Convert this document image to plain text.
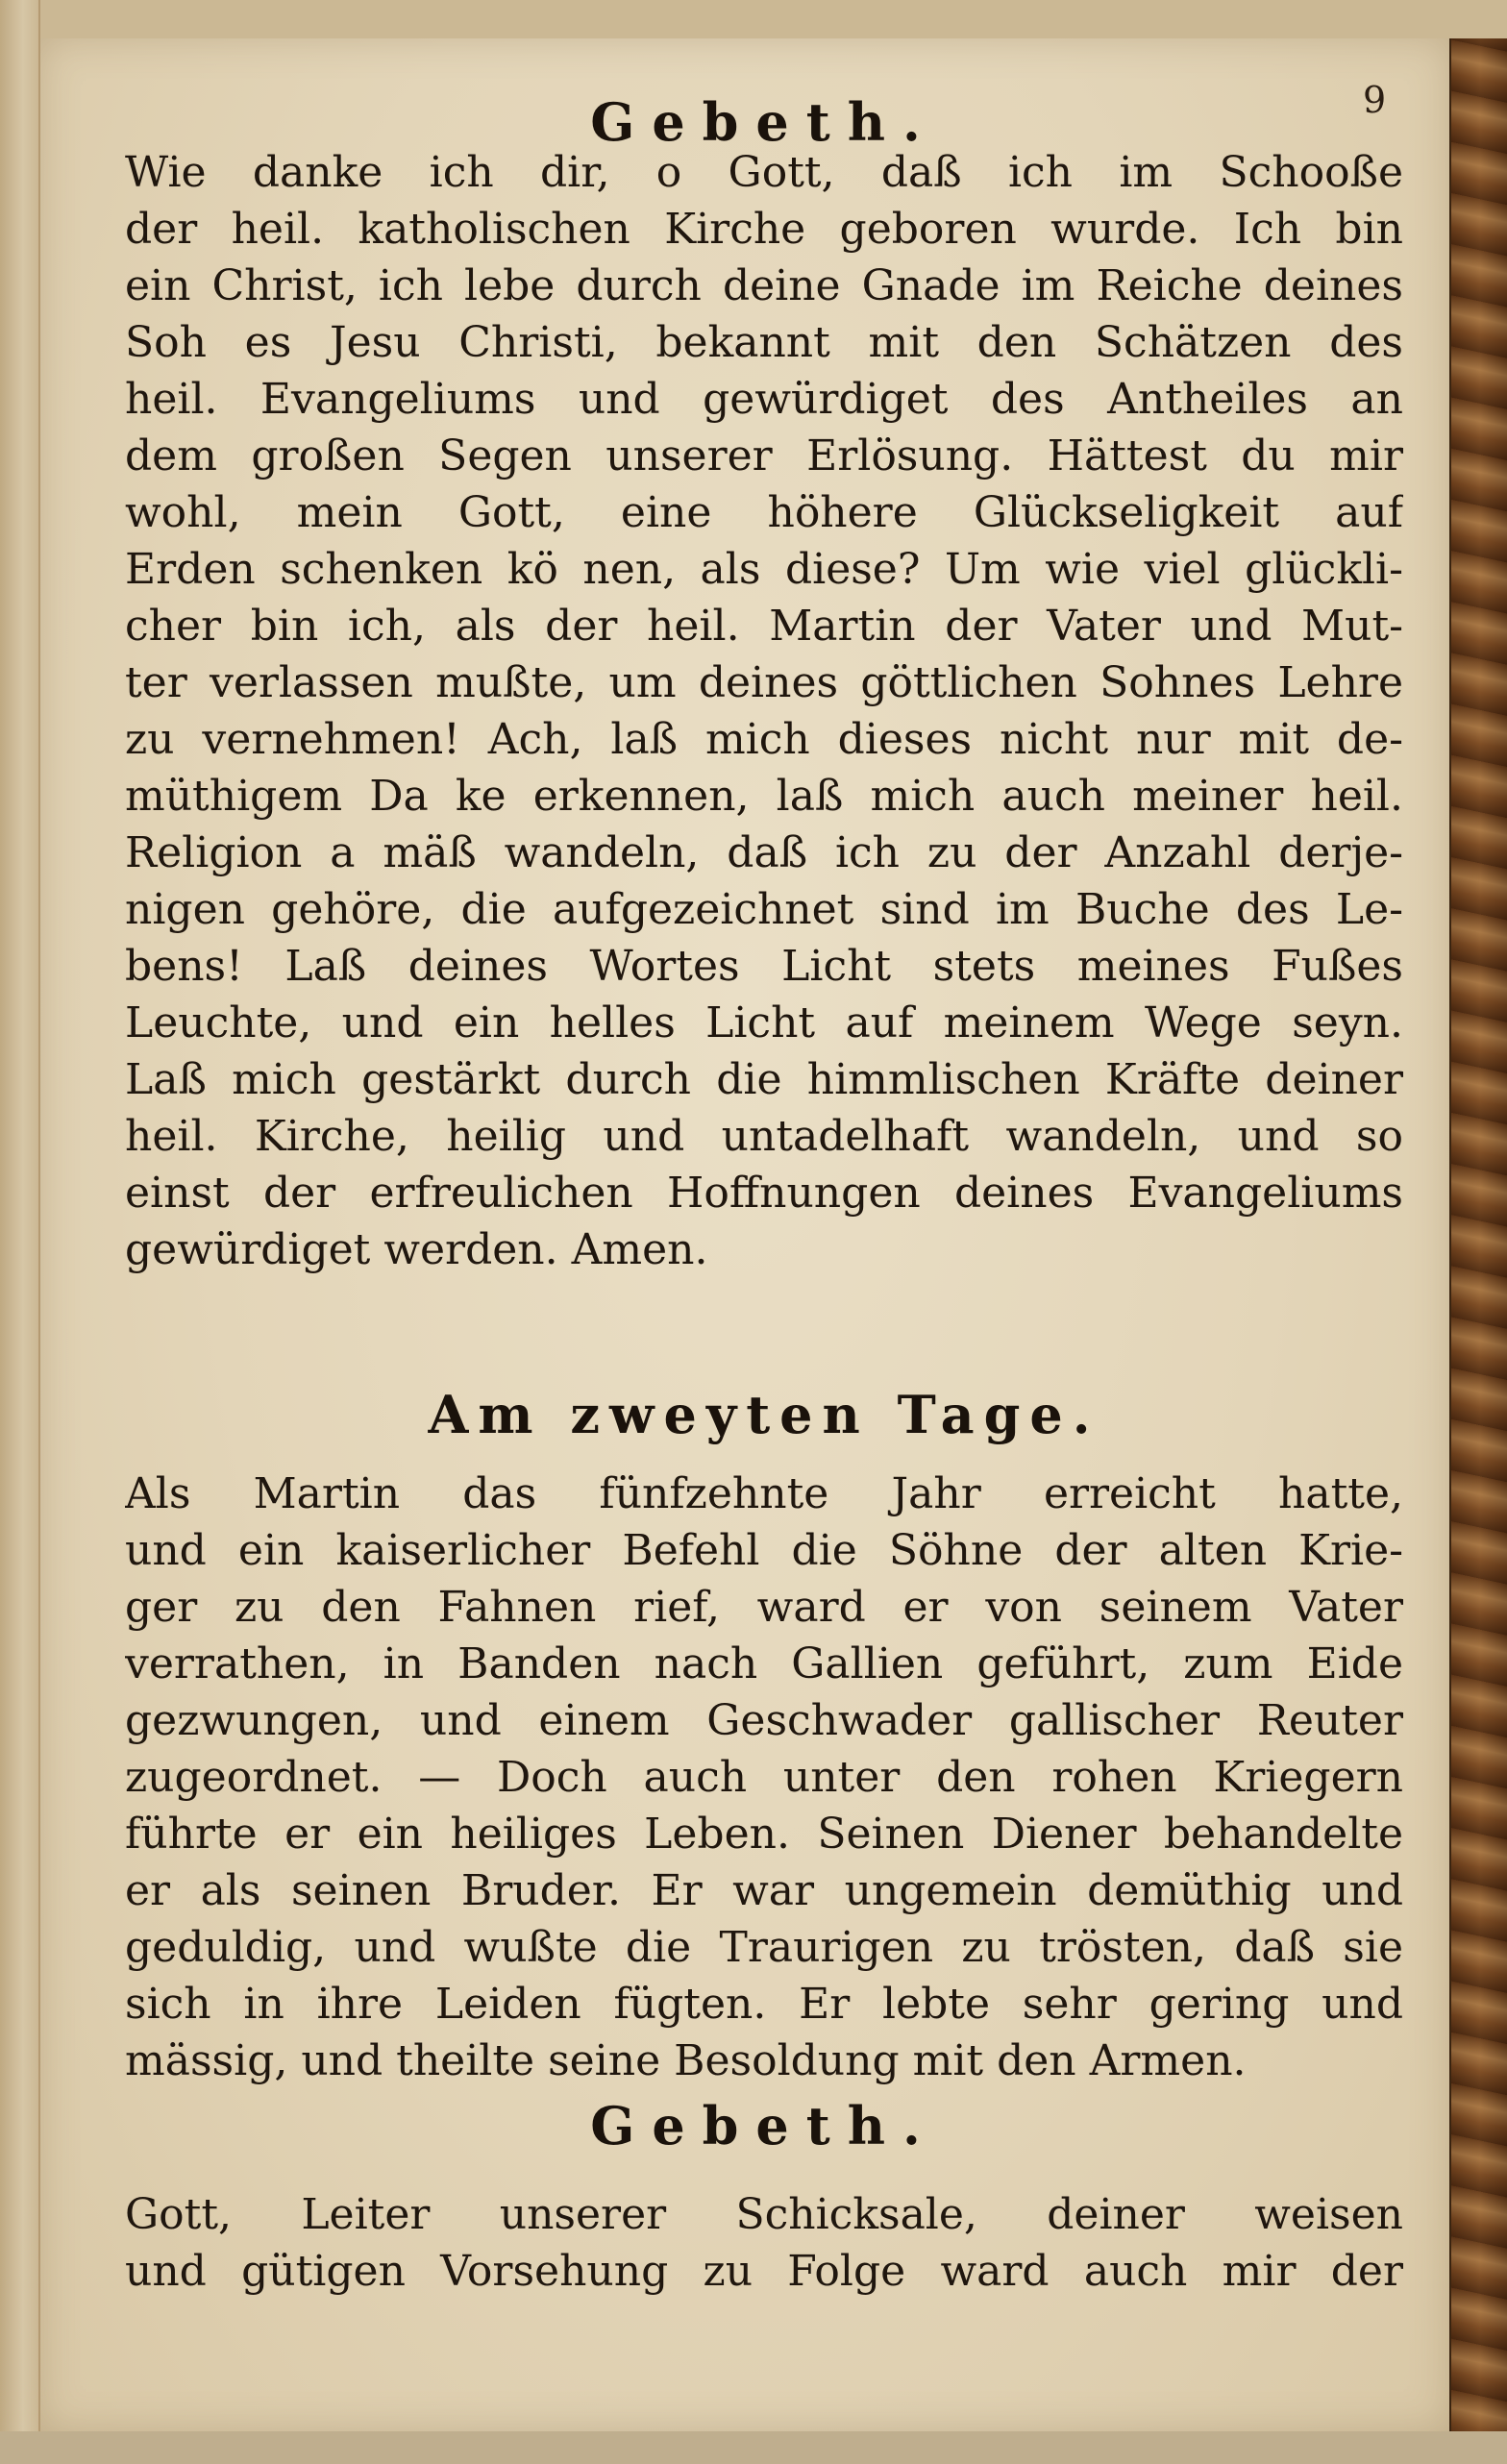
9
Gebeth.
Wie danke ich dir, o Gott, daß ich im Schooße
der heil. katholischen Kirche geboren wurde. Ich bin
ein Christ, ich lebe durch deine Gnade im Reiche deines
Soh es Jesu Christi, bekannt mit den Schätzen des
heil. Evangeliums und gewürdiget des Antheiles an
dem großen Segen unserer Erlösung. Hättest du mir
wohl, mein Gott, eine höhere Glückseligkeit auf
Erden schenken kö nen, als diese? Um wie viel glückli-
cher bin ich, als der heil. Martin der Vater und Mut-
ter verlassen mußte, um deines göttlichen Sohnes Lehre
zu vernehmen! Ach, laß mich dieses nicht nur mit de-
müthigem Da ke erkennen, laß mich auch meiner heil.
Religion a mäß wandeln, daß ich zu der Anzahl derje-
nigen gehöre, die aufgezeichnet sind im Buche des Le-
bens! Laß deines Wortes Licht stets meines Fußes
Leuchte, und ein helles Licht auf meinem Wege seyn.
Laß mich gestärkt durch die himmlischen Kräfte deiner
heil. Kirche, heilig und untadelhaft wandeln, und so
einst der erfreulichen Hoffnungen deines Evangeliums
gewürdiget werden. Amen.
Am zweyten Tage.
Als Martin das fünfzehnte Jahr erreicht hatte,
und ein kaiserlicher Befehl die Söhne der alten Krie-
ger zu den Fahnen rief, ward er von seinem Vater
verrathen, in Banden nach Gallien geführt, zum Eide
gezwungen, und einem Geschwader gallischer Reuter
zugeordnet. — Doch auch unter den rohen Kriegern
führte er ein heiliges Leben. Seinen Diener behandelte
er als seinen Bruder. Er war ungemein demüthig und
geduldig, und wußte die Traurigen zu trösten, daß sie
sich in ihre Leiden fügten. Er lebte sehr gering und
mässig, und theilte seine Besoldung mit den Armen.
Gebeth.
Gott, Leiter unserer Schicksale, deiner weisen
und gütigen Vorsehung zu Folge ward auch mir der
